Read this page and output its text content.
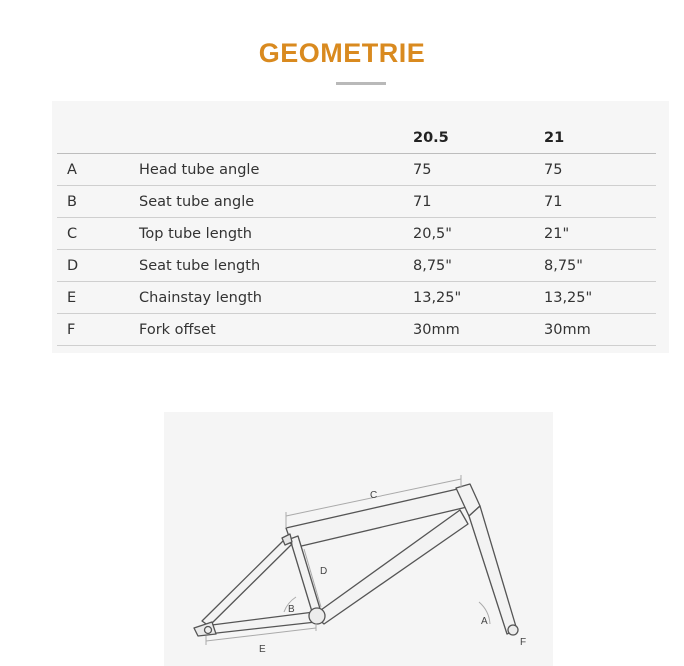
GEOMETRIE
		20.5	21
A	Head tube angle	75	75
B	Seat tube angle	71	71
C	Top tube length	20,5"	21"
D	Seat tube length	8,75"	8,75"
E	Chainstay length	13,25"	13,25"
F	Fork offset	30mm	30mm
C
D
B
E
A
F
